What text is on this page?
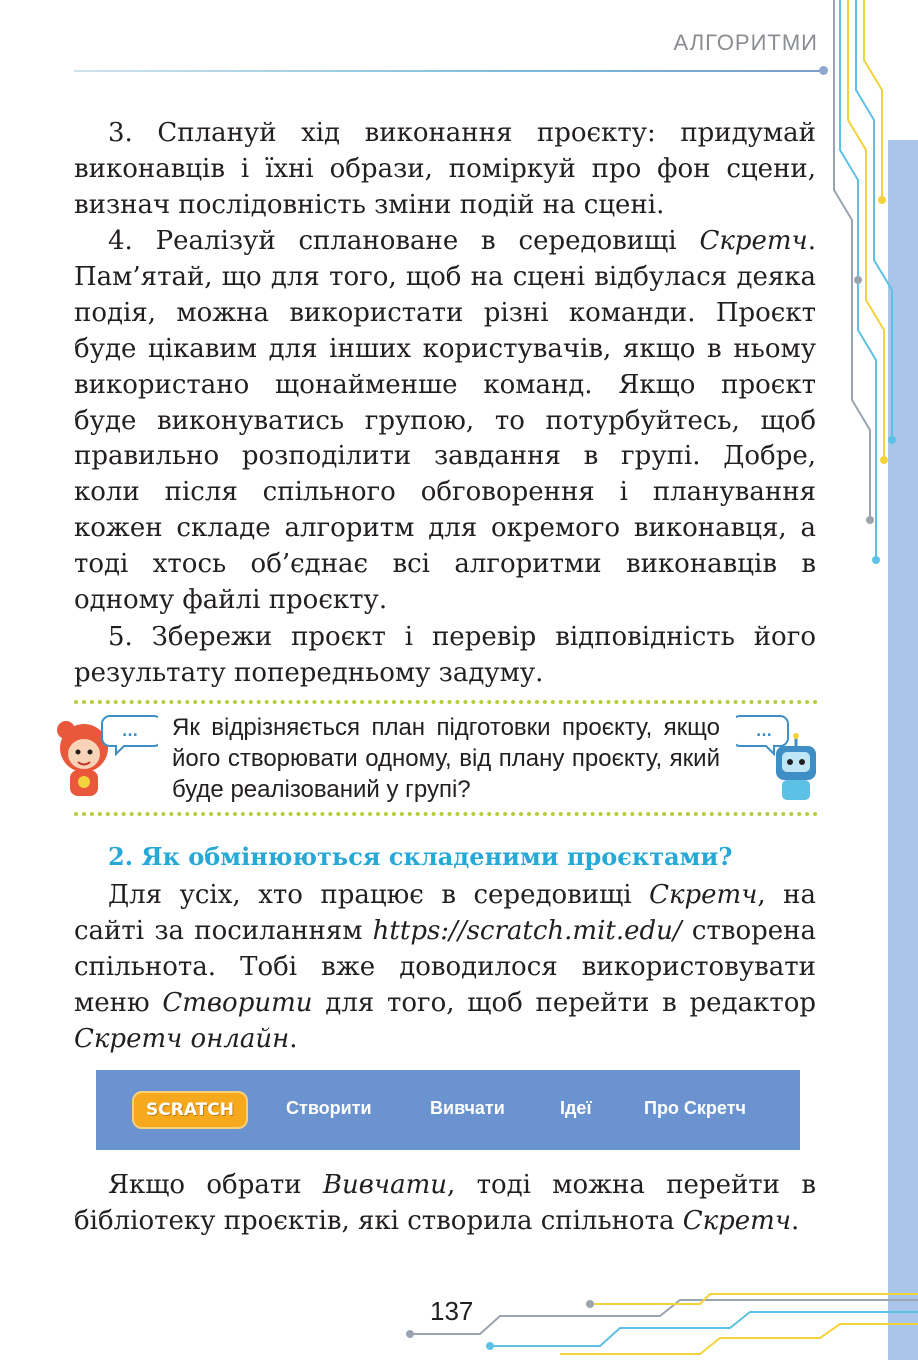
АЛГОРИТМИ

3. Сплануй хід виконання проєкту: придумай виконавців і їхні образи, поміркуй про фон сцени, визнач послідовність зміни подій на сцені.

4. Реалізуй сплановане в середовищі Скретч. Пам’ятай, що для того, щоб на сцені відбулася деяка подія, можна використати різні команди. Проєкт буде цікавим для інших користувачів, якщо в ньому використано щонайменше команд. Якщо проєкт буде виконуватись групою, то потурбуйтесь, щоб правильно розподілити завдання в групі. Добре, коли після спільного обговорення і планування кожен складе алгоритм для окремого виконавця, а тоді хтось об’єднає всі алгоритми виконавців в одному файлі проєкту.

5. Збережи проєкт і перевір відповідність його результату попередньому задуму.

... Як відрізняється план підготовки проєкту, якщо його створювати одному, від плану проєкту, який буде реалізований у групі?
...
2. Як обмінюються складеними проєктами?

Для усіх, хто працює в середовищі Скретч, на сайті за посиланням https://scratch.mit.edu/ створена спільнота. Тобі вже доводилося використовувати меню Створити для того, щоб перейти в редактор Скретч онлайн.

SCRATCH	Створити	Вивчати	Ідеї	Про Скретч

Якщо обрати Вивчати, тоді можна перейти в бібліотеку проєктів, які створила спільнота Скретч.

137
